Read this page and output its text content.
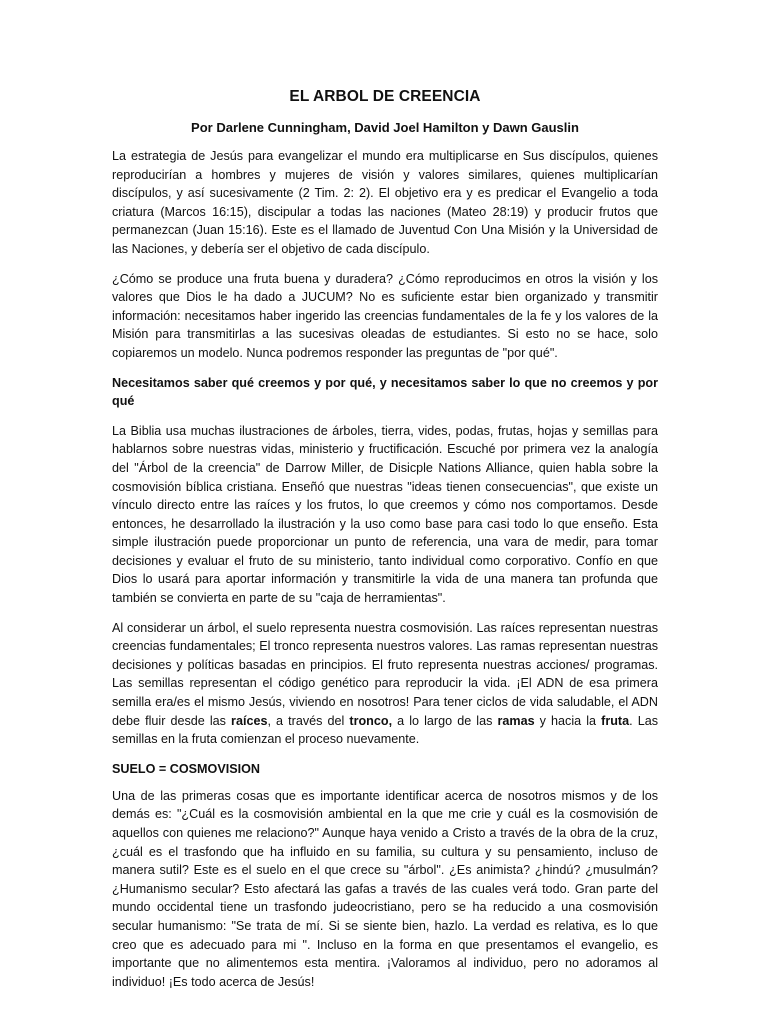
EL ARBOL DE CREENCIA
Por Darlene Cunningham, David Joel Hamilton y Dawn Gauslin

La estrategia de Jesús para evangelizar el mundo era multiplicarse en Sus discípulos, quienes reproducirían a hombres y mujeres de visión y valores similares, quienes multiplicarían discípulos, y así sucesivamente (2 Tim. 2: 2). El objetivo era y es predicar el Evangelio a toda criatura (Marcos 16:15), discipular a todas las naciones (Mateo 28:19) y producir frutos que permanezcan (Juan 15:16). Este es el llamado de Juventud Con Una Misión y la Universidad de las Naciones, y debería ser el objetivo de cada discípulo.

¿Cómo se produce una fruta buena y duradera? ¿Cómo reproducimos en otros la visión y los valores que Dios le ha dado a JUCUM? No es suficiente estar bien organizado y transmitir información: necesitamos haber ingerido las creencias fundamentales de la fe y los valores de la Misión para transmitirlas a las sucesivas oleadas de estudiantes. Si esto no se hace, solo copiaremos un modelo. Nunca podremos responder las preguntas de "por qué".

Necesitamos saber qué creemos y por qué, y necesitamos saber lo que no creemos y por qué

La Biblia usa muchas ilustraciones de árboles, tierra, vides, podas, frutas, hojas y semillas para hablarnos sobre nuestras vidas, ministerio y fructificación. Escuché por primera vez la analogía del "Árbol de la creencia" de Darrow Miller, de Disicple Nations Alliance, quien habla sobre la cosmovisión bíblica cristiana. Enseñó que nuestras "ideas tienen consecuencias", que existe un vínculo directo entre las raíces y los frutos, lo que creemos y cómo nos comportamos. Desde entonces, he desarrollado la ilustración y la uso como base para casi todo lo que enseño. Esta simple ilustración puede proporcionar un punto de referencia, una vara de medir, para tomar decisiones y evaluar el fruto de su ministerio, tanto individual como corporativo. Confío en que Dios lo usará para aportar información y transmitirle la vida de una manera tan profunda que también se convierta en parte de su "caja de herramientas".

Al considerar un árbol, el suelo representa nuestra cosmovisión. Las raíces representan nuestras creencias fundamentales; El tronco representa nuestros valores. Las ramas representan nuestras decisiones y políticas basadas en principios. El fruto representa nuestras acciones/ programas. Las semillas representan el código genético para reproducir la vida. ¡El ADN de esa primera semilla era/es el mismo Jesús, viviendo en nosotros! Para tener ciclos de vida saludable, el ADN debe fluir desde las raíces, a través del tronco, a lo largo de las ramas y hacia la fruta. Las semillas en la fruta comienzan el proceso nuevamente.

SUELO = COSMOVISION

Una de las primeras cosas que es importante identificar acerca de nosotros mismos y de los demás es: "¿Cuál es la cosmovisión ambiental en la que me crie y cuál es la cosmovisión de aquellos con quienes me relaciono?" Aunque haya venido a Cristo a través de la obra de la cruz, ¿cuál es el trasfondo que ha influido en su familia, su cultura y su pensamiento, incluso de manera sutil? Este es el suelo en el que crece su "árbol". ¿Es animista? ¿hindú? ¿musulmán? ¿Humanismo secular? Esto afectará las gafas a través de las cuales verá todo. Gran parte del mundo occidental tiene un trasfondo judeocristiano, pero se ha reducido a una cosmovisión secular humanismo: "Se trata de mí. Si se siente bien, hazlo. La verdad es relativa, es lo que creo que es adecuado para mi ". Incluso en la forma en que presentamos el evangelio, es importante que no alimentemos esta mentira. ¡Valoramos al individuo, pero no adoramos al individuo! ¡Es todo acerca de Jesús!
